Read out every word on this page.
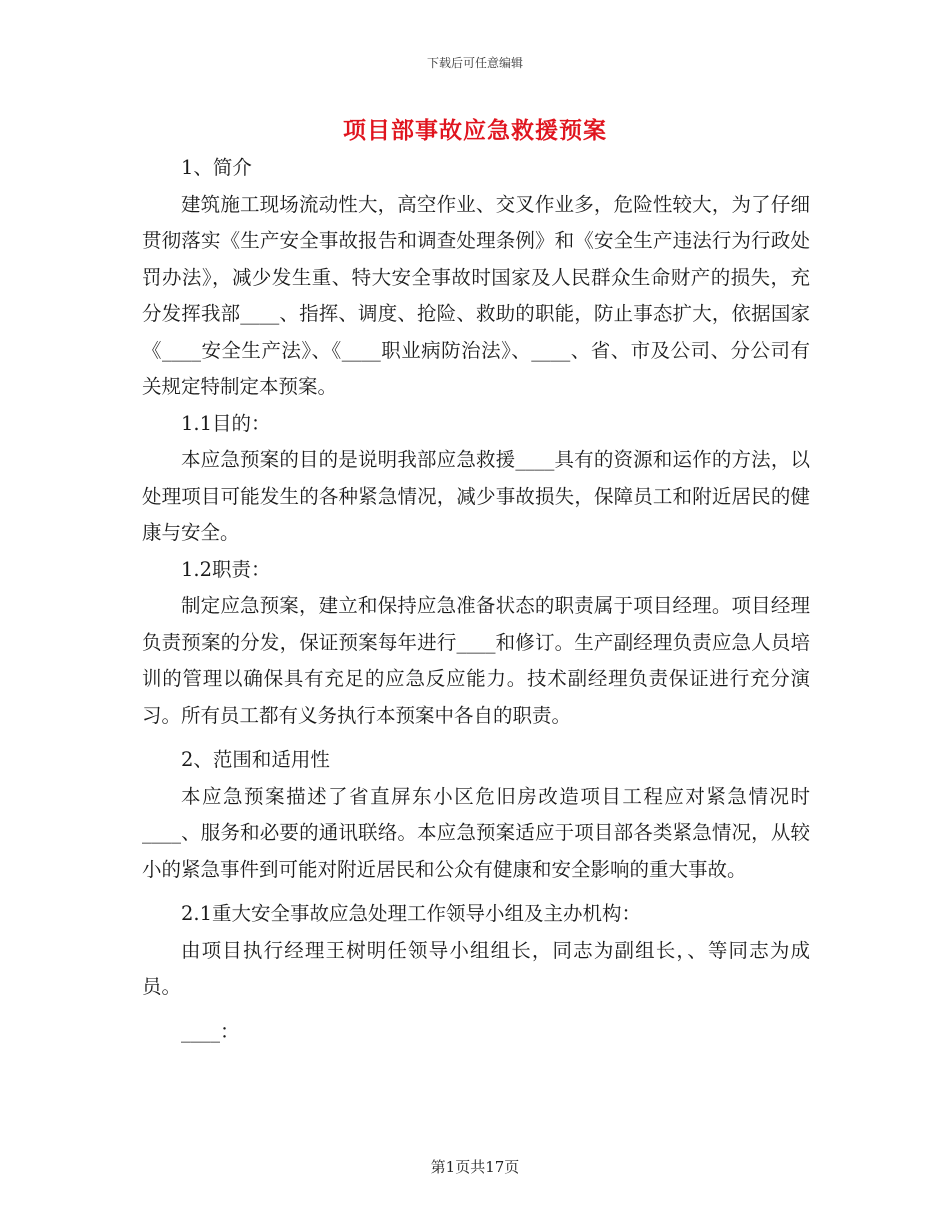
下载后可任意编辑
项目部事故应急救援预案
1、简介
建筑施工现场流动性大，高空作业、交叉作业多，危险性较大，为了仔细贯彻落实《生产安全事故报告和调查处理条例》和《安全生产违法行为行政处罚办法》，减少发生重、特大安全事故时国家及人民群众生命财产的损失，充分发挥我部____、指挥、调度、抢险、救助的职能，防止事态扩大，依据国家《____安全生产法》、《____职业病防治法》、____、省、市及公司、分公司有关规定特制定本预案。
1.1目的：
本应急预案的目的是说明我部应急救援____具有的资源和运作的方法，以处理项目可能发生的各种紧急情况，减少事故损失，保障员工和附近居民的健康与安全。
1.2职责：
制定应急预案，建立和保持应急准备状态的职责属于项目经理。项目经理负责预案的分发，保证预案每年进行____和修订。生产副经理负责应急人员培训的管理以确保具有充足的应急反应能力。技术副经理负责保证进行充分演习。所有员工都有义务执行本预案中各自的职责。
2、范围和适用性
本应急预案描述了省直屏东小区危旧房改造项目工程应对紧急情况时____、服务和必要的通讯联络。本应急预案适应于项目部各类紧急情况，从较小的紧急事件到可能对附近居民和公众有健康和安全影响的重大事故。
2.1重大安全事故应急处理工作领导小组及主办机构：
由项目执行经理王树明任领导小组组长，同志为副组长，、等同志为成员。
____：
第1页共17页
